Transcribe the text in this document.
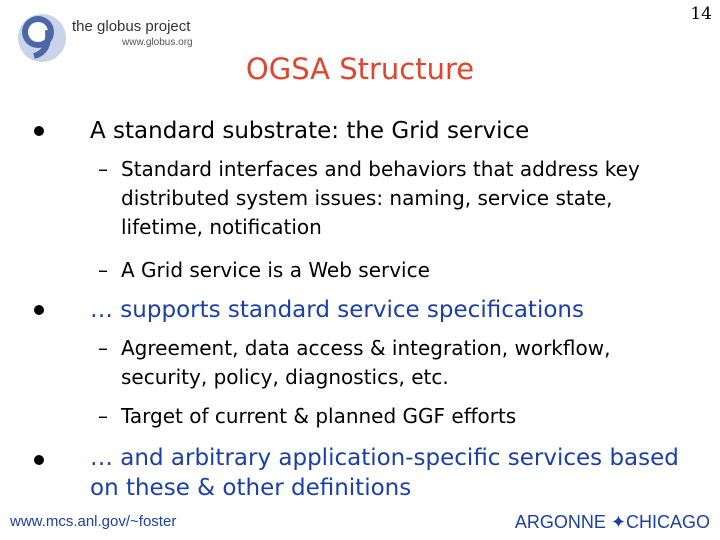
14
the globus project
www.globus.org
OGSA Structure
A standard substrate: the Grid service
– Standard interfaces and behaviors that address key distributed system issues: naming, service state, lifetime, notification
– A Grid service is a Web service
… supports standard service specifications
– Agreement, data access & integration, workflow, security, policy, diagnostics, etc.
– Target of current & planned GGF efforts
… and arbitrary application-specific services based on these & other definitions
www.mcs.anl.gov/~foster	ARGONNE ✦CHICAGO
